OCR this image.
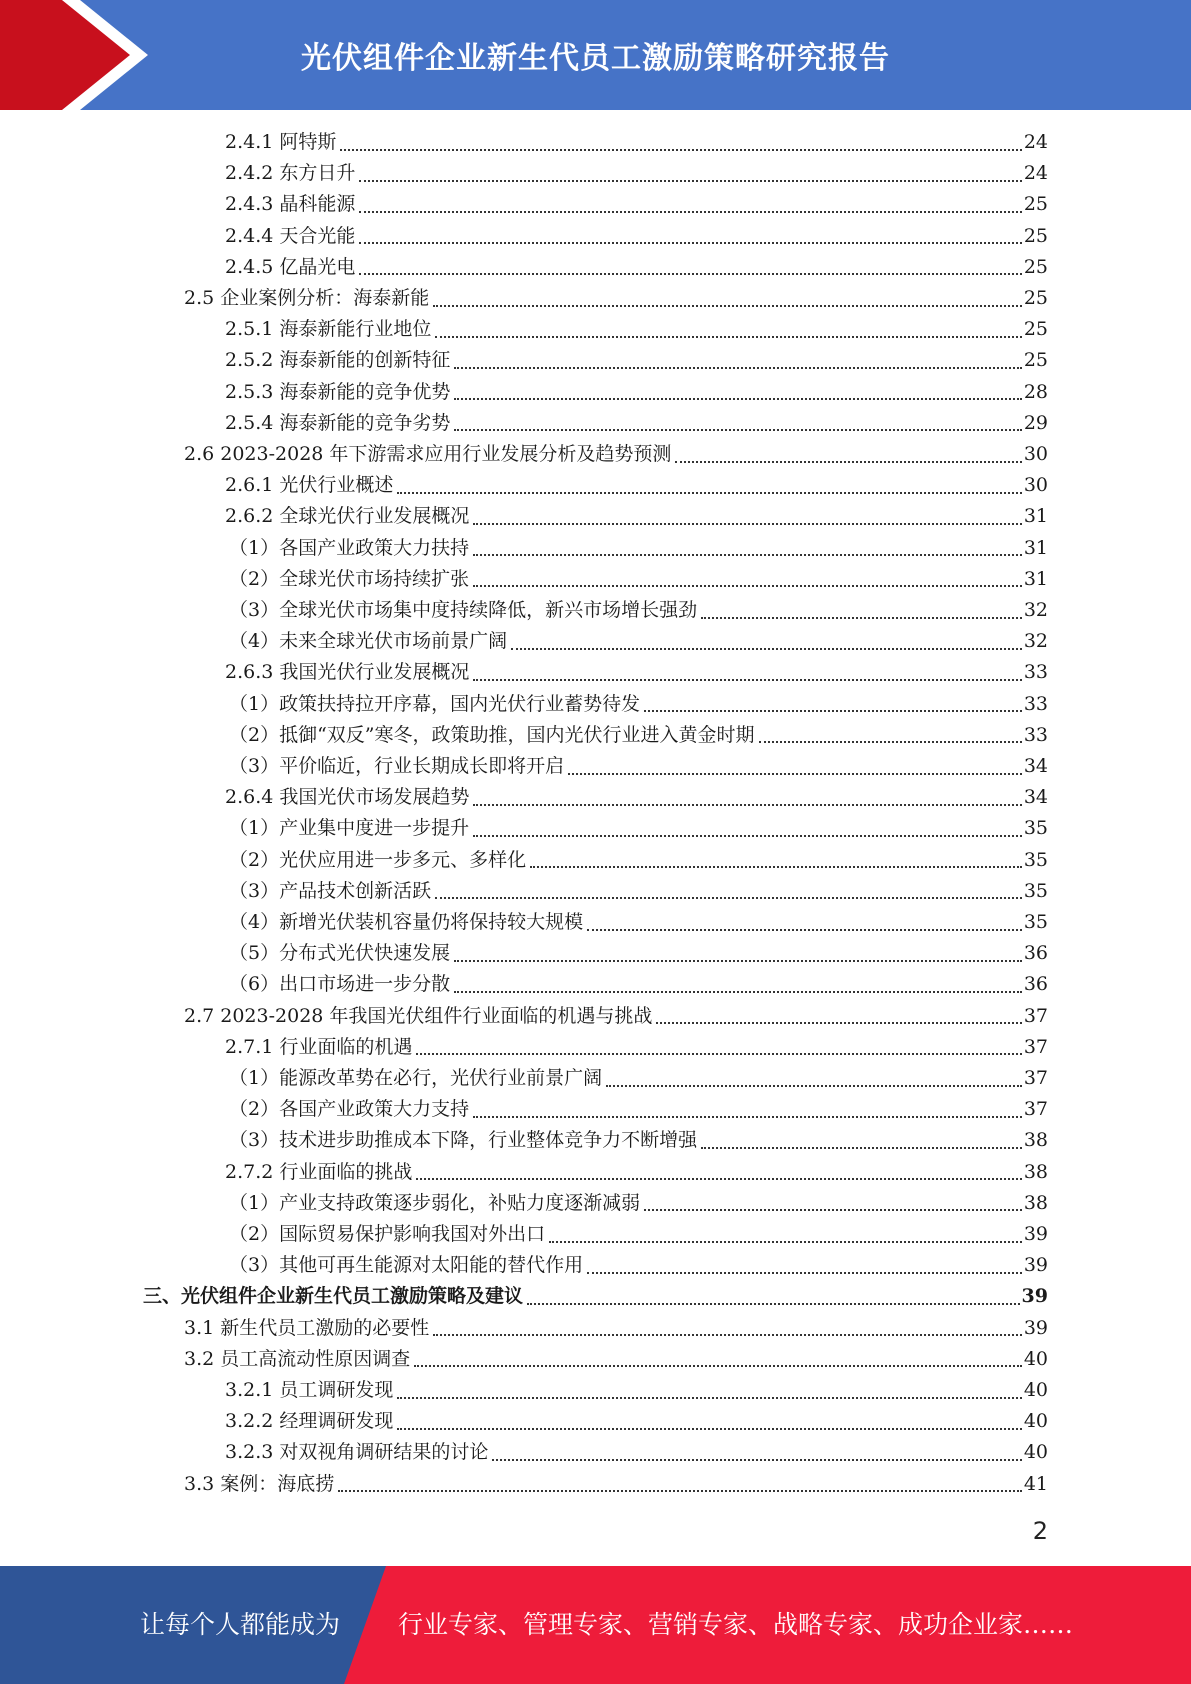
光伏组件企业新生代员工激励策略研究报告
2.4.1 阿特斯	24
2.4.2 东方日升	24
2.4.3 晶科能源	25
2.4.4 天合光能	25
2.4.5 亿晶光电	25
2.5 企业案例分析：海泰新能	25
2.5.1 海泰新能行业地位	25
2.5.2 海泰新能的创新特征	25
2.5.3 海泰新能的竞争优势	28
2.5.4 海泰新能的竞争劣势	29
2.6 2023-2028 年下游需求应用行业发展分析及趋势预测	30
2.6.1 光伏行业概述	30
2.6.2 全球光伏行业发展概况	31
（1）各国产业政策大力扶持	31
（2）全球光伏市场持续扩张	31
（3）全球光伏市场集中度持续降低，新兴市场增长强劲	32
（4）未来全球光伏市场前景广阔	32
2.6.3 我国光伏行业发展概况	33
（1）政策扶持拉开序幕，国内光伏行业蓄势待发	33
（2）抵御“双反”寒冬，政策助推，国内光伏行业进入黄金时期	33
（3）平价临近，行业长期成长即将开启	34
2.6.4 我国光伏市场发展趋势	34
（1）产业集中度进一步提升	35
（2）光伏应用进一步多元、多样化	35
（3）产品技术创新活跃	35
（4）新增光伏装机容量仍将保持较大规模	35
（5）分布式光伏快速发展	36
（6）出口市场进一步分散	36
2.7 2023-2028 年我国光伏组件行业面临的机遇与挑战	37
2.7.1 行业面临的机遇	37
（1）能源改革势在必行，光伏行业前景广阔	37
（2）各国产业政策大力支持	37
（3）技术进步助推成本下降，行业整体竞争力不断增强	38
2.7.2 行业面临的挑战	38
（1）产业支持政策逐步弱化，补贴力度逐渐减弱	38
（2）国际贸易保护影响我国对外出口	39
（3）其他可再生能源对太阳能的替代作用	39
三、光伏组件企业新生代员工激励策略及建议	39
3.1 新生代员工激励的必要性	39
3.2 员工高流动性原因调查	40
3.2.1 员工调研发现	40
3.2.2 经理调研发现	40
3.2.3 对双视角调研结果的讨论	40
3.3 案例：海底捞	41
2
让每个人都能成为 行业专家、管理专家、营销专家、战略专家、成功企业家……
